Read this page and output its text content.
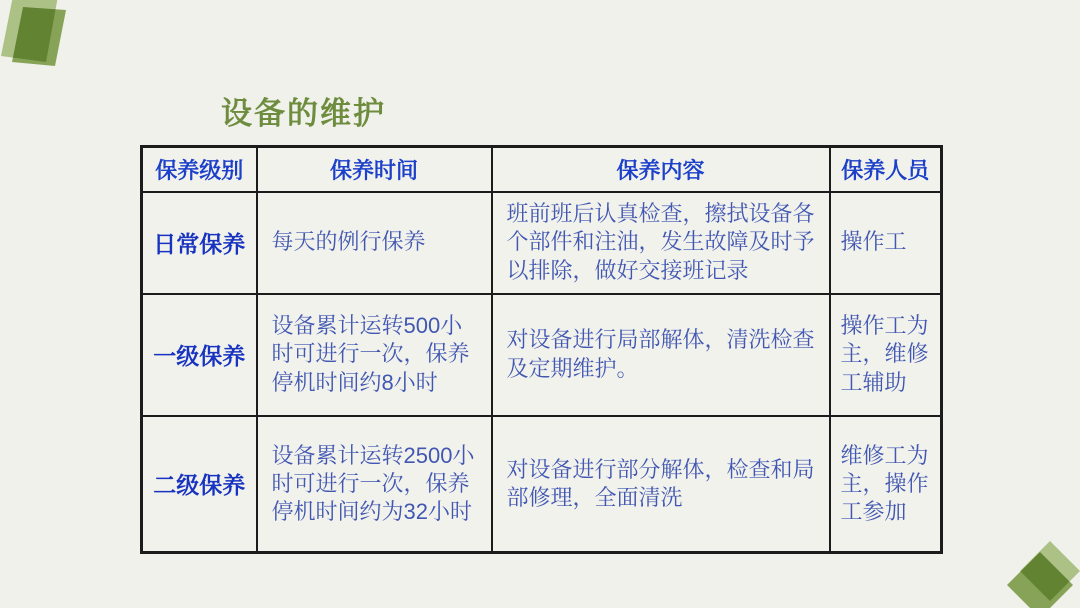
设备的维护
保养级别	保养时间	保养内容	保养人员
日常保养	每天的例行保养	班前班后认真检查，擦拭设备各个部件和注油，发生故障及时予以排除，做好交接班记录	操作工
一级保养	设备累计运转500小时可进行一次，保养停机时间约8小时	对设备进行局部解体，清洗检查及定期维护。	操作工为主，维修工辅助
二级保养	设备累计运转2500小时可进行一次，保养停机时间约为32小时	对设备进行部分解体，检查和局部修理，全面清洗	维修工为主，操作工参加
